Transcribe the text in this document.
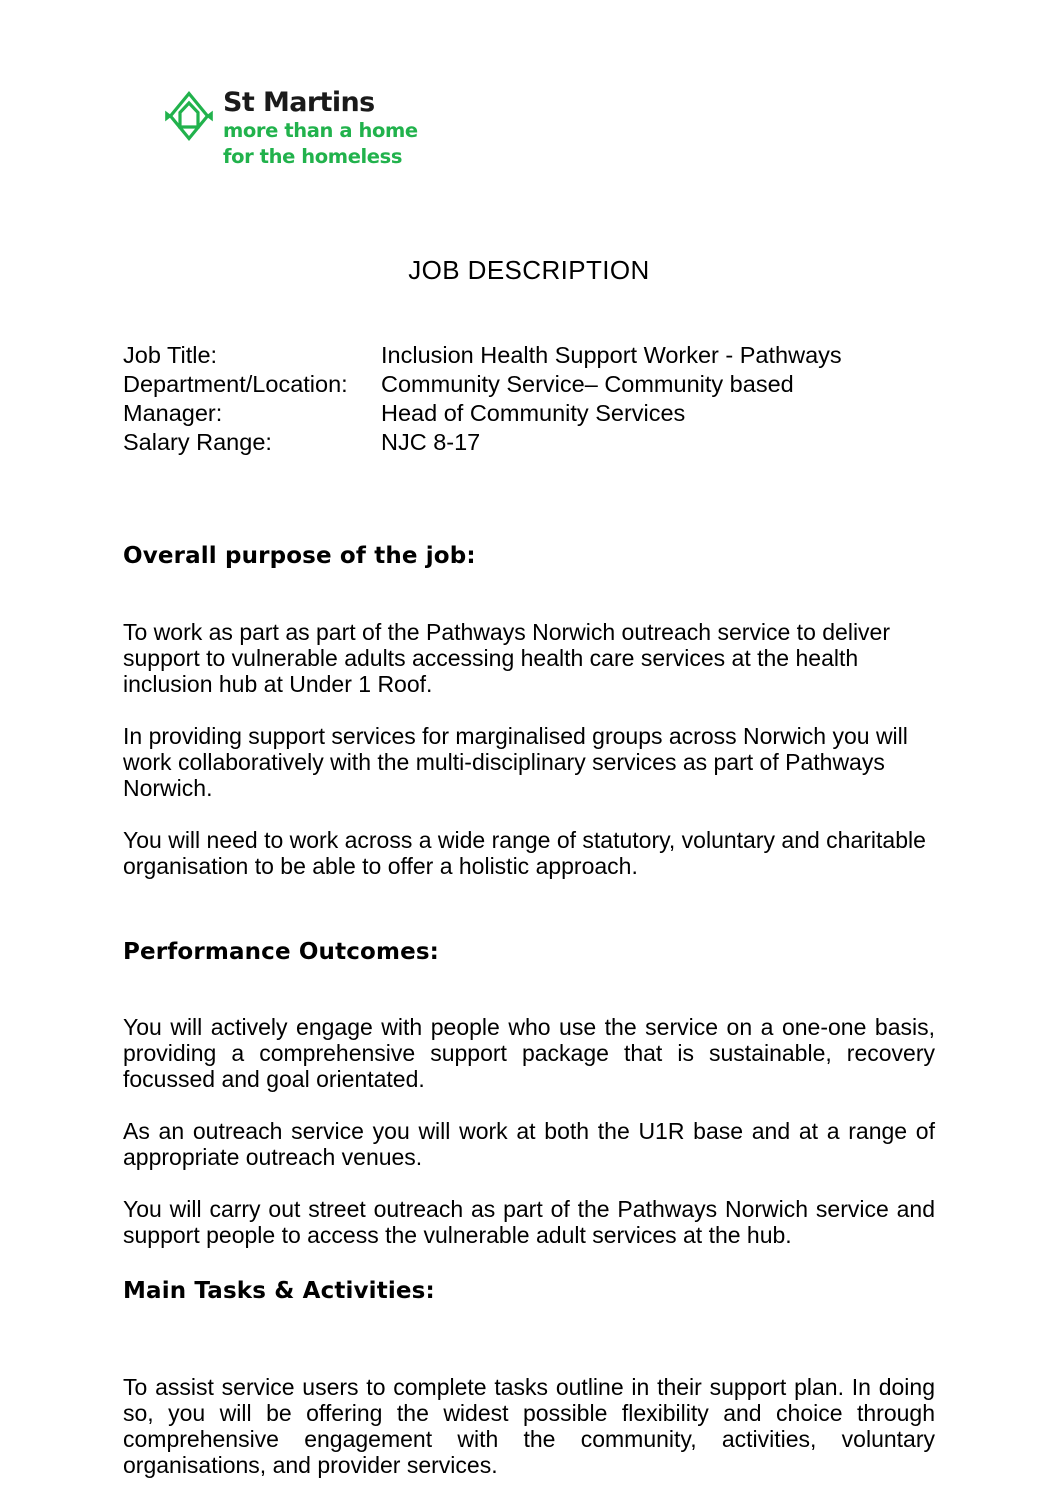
St Martins
more than a home
for the homeless
JOB DESCRIPTION
Job Title:	Inclusion Health Support Worker - Pathways
Department/Location:	Community Service– Community based
Manager:	Head of Community Services
Salary Range:	NJC 8-17
Overall purpose of the job:

To work as part as part of the Pathways Norwich outreach service to deliver support to vulnerable adults accessing health care services at the health inclusion hub at Under 1 Roof.

In providing support services for marginalised groups across Norwich you will work collaboratively with the multi-disciplinary services as part of Pathways Norwich.

You will need to work across a wide range of statutory, voluntary and charitable organisation to be able to offer a holistic approach.

Performance Outcomes:

You will actively engage with people who use the service on a one-one basis, providing a comprehensive support package that is sustainable, recovery focussed and goal orientated.

As an outreach service you will work at both the U1R base and at a range of appropriate outreach venues.

You will carry out street outreach as part of the Pathways Norwich service and support people to access the vulnerable adult services at the hub.

Main Tasks & Activities:

To assist service users to complete tasks outline in their support plan. In doing so, you will be offering the widest possible flexibility and choice through comprehensive engagement with the community, activities, voluntary organisations, and provider services.
